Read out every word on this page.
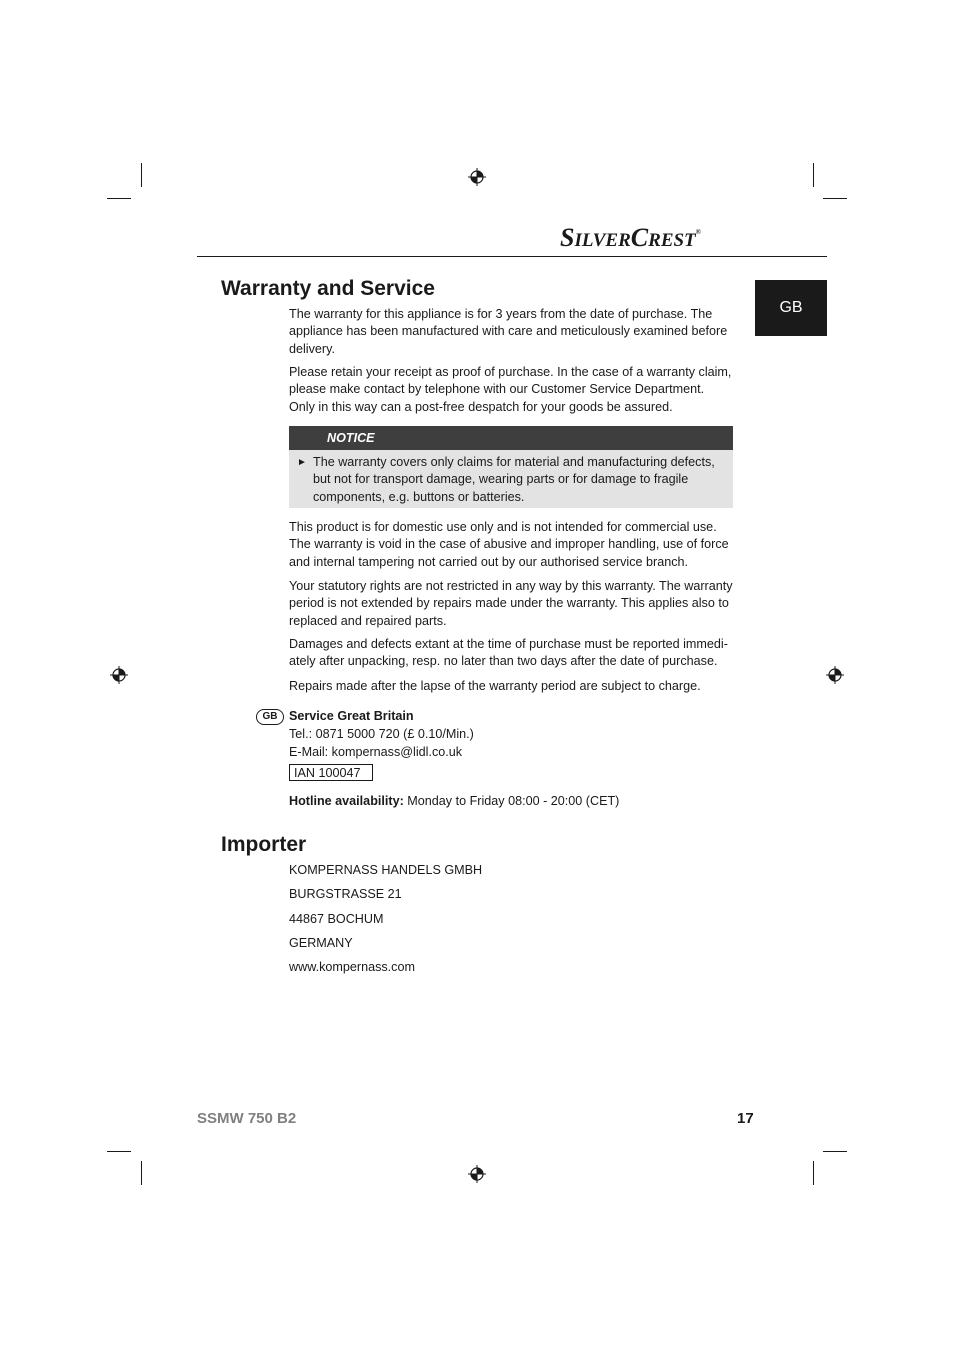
SILVERCREST®
GB
Warranty and Service

The warranty for this appliance is for 3 years from the date of purchase. The appliance has been manufactured with care and meticulously examined before delivery.

Please retain your receipt as proof of purchase. In the case of a warranty claim, please make contact by telephone with our Customer Service Department. Only in this way can a post-free despatch for your goods be assured.

NOTICE
► The warranty covers only claims for material and manufacturing defects, but not for transport damage, wearing parts or for damage to fragile components, e.g. buttons or batteries.

This product is for domestic use only and is not intended for commercial use. The warranty is void in the case of abusive and improper handling, use of force and internal tampering not carried out by our authorised service branch.

Your statutory rights are not restricted in any way by this warranty. The warranty period is not extended by repairs made under the warranty. This applies also to replaced and repaired parts.

Damages and defects extant at the time of purchase must be reported immedi-ately after unpacking, resp. no later than two days after the date of purchase.

Repairs made after the lapse of the warranty period are subject to charge.

GB Service Great Britain
Tel.: 0871 5000 720 (£ 0.10/Min.)
E-Mail: kompernass@lidl.co.uk
IAN 100047
Hotline availability: Monday to Friday 08:00 - 20:00 (CET)
Importer
KOMPERNASS HANDELS GMBH
BURGSTRASSE 21
44867 BOCHUM
GERMANY
www.kompernass.com
SSMW 750 B2	17
